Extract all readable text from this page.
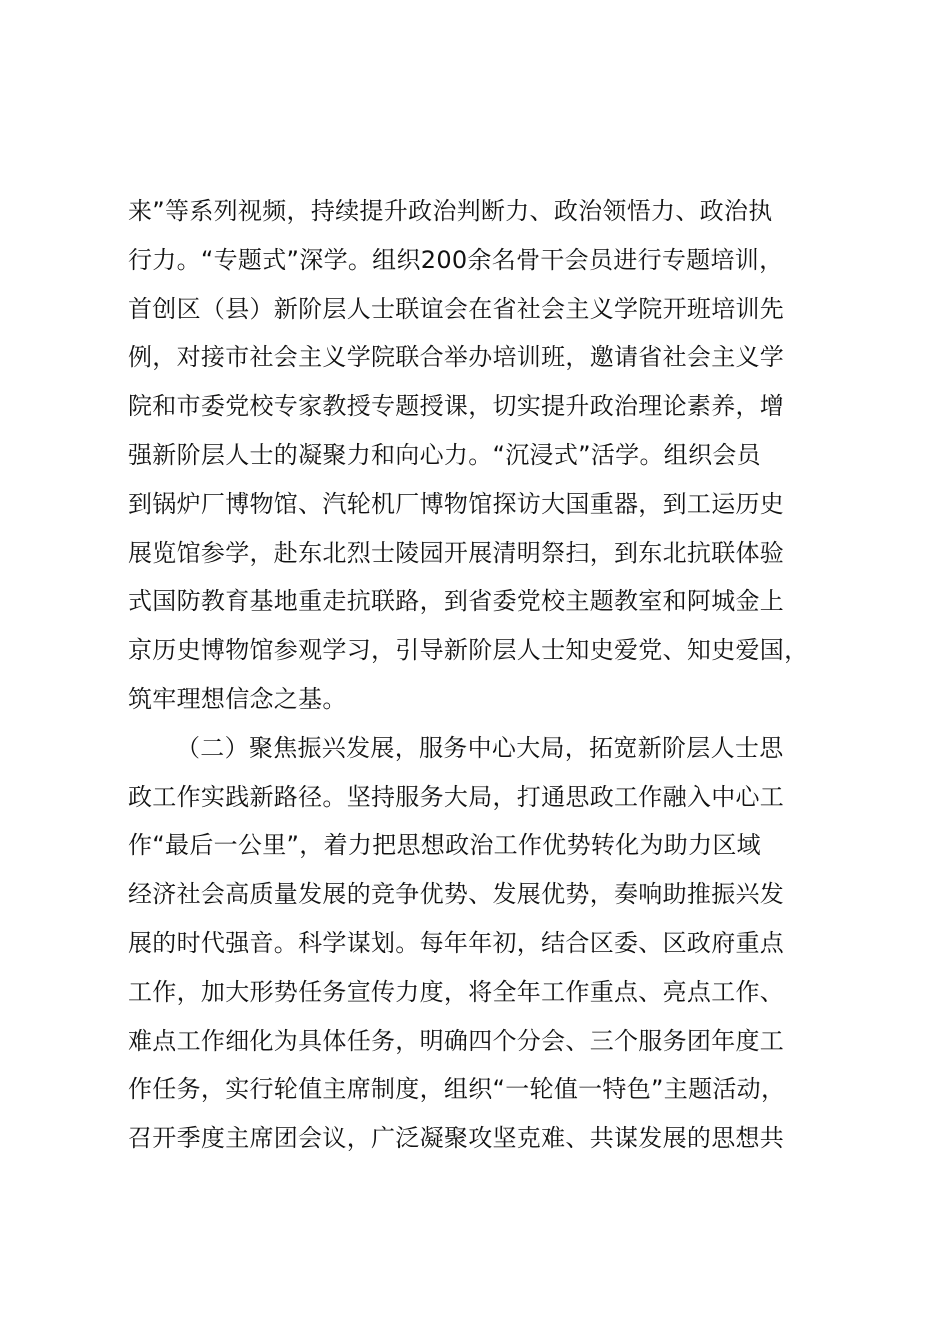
来”等系列视频，持续提升政治判断力、政治领悟力、政治执
行力。“专题式”深学。组织200余名骨干会员进行专题培训，
首创区（县）新阶层人士联谊会在省社会主义学院开班培训先
例，对接市社会主义学院联合举办培训班，邀请省社会主义学
院和市委党校专家教授专题授课，切实提升政治理论素养，增
强新阶层人士的凝聚力和向心力。“沉浸式”活学。组织会员
到锅炉厂博物馆、汽轮机厂博物馆探访大国重器，到工运历史
展览馆参学，赴东北烈士陵园开展清明祭扫，到东北抗联体验
式国防教育基地重走抗联路，到省委党校主题教室和阿城金上
京历史博物馆参观学习，引导新阶层人士知史爱党、知史爱国，
筑牢理想信念之基。
（二）聚焦振兴发展，服务中心大局，拓宽新阶层人士思
政工作实践新路径。坚持服务大局，打通思政工作融入中心工
作“最后一公里”，着力把思想政治工作优势转化为助力区域
经济社会高质量发展的竞争优势、发展优势，奏响助推振兴发
展的时代强音。科学谋划。每年年初，结合区委、区政府重点
工作，加大形势任务宣传力度，将全年工作重点、亮点工作、
难点工作细化为具体任务，明确四个分会、三个服务团年度工
作任务，实行轮值主席制度，组织“一轮值一特色”主题活动，
召开季度主席团会议，广泛凝聚攻坚克难、共谋发展的思想共
